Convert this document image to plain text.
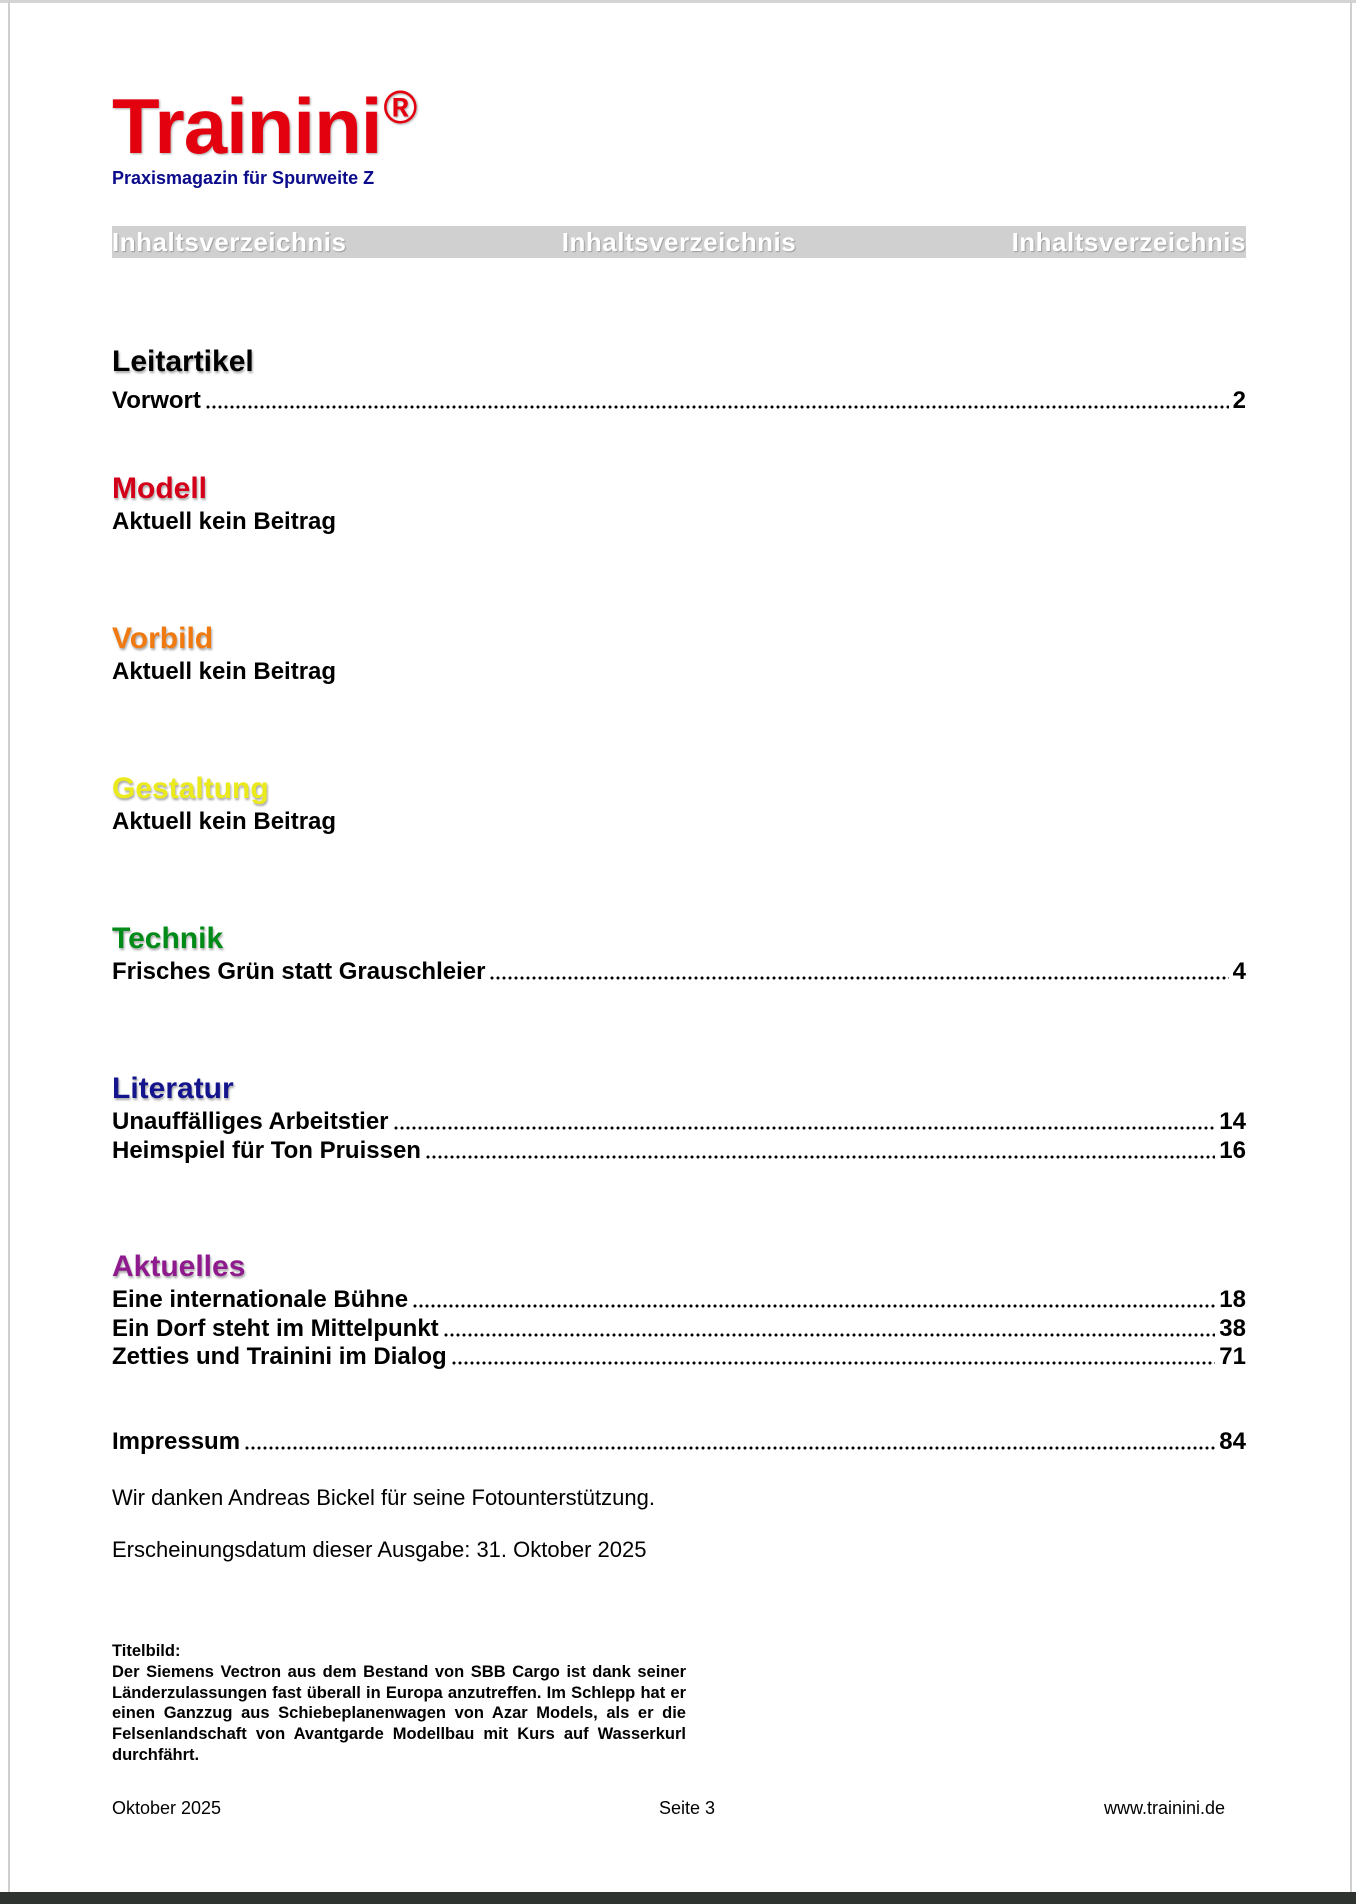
Trainini®
Praxismagazin für Spurweite Z
Inhaltsverzeichnis	Inhaltsverzeichnis	Inhaltsverzeichnis
Leitartikel
Vorwort	2
Modell
Aktuell kein Beitrag
Vorbild
Aktuell kein Beitrag
Gestaltung
Aktuell kein Beitrag
Technik
Frisches Grün statt Grauschleier	4
Literatur
Unauffälliges Arbeitstier	14
Heimspiel für Ton Pruissen	16
Aktuelles
Eine internationale Bühne	18
Ein Dorf steht im Mittelpunkt	38
Zetties und Trainini im Dialog	71
Impressum	84
Wir danken Andreas Bickel für seine Fotounterstützung.
Erscheinungsdatum dieser Ausgabe: 31. Oktober 2025
Titelbild:
Der Siemens Vectron aus dem Bestand von SBB Cargo ist dank seiner Länderzulassungen fast überall in Europa anzutreffen. Im Schlepp hat er einen Ganzzug aus Schiebeplanenwagen von Azar Models, als er die Felsenlandschaft von Avantgarde Modellbau mit Kurs auf Wasserkurl durchfährt.
Oktober 2025	Seite 3	www.trainini.de
